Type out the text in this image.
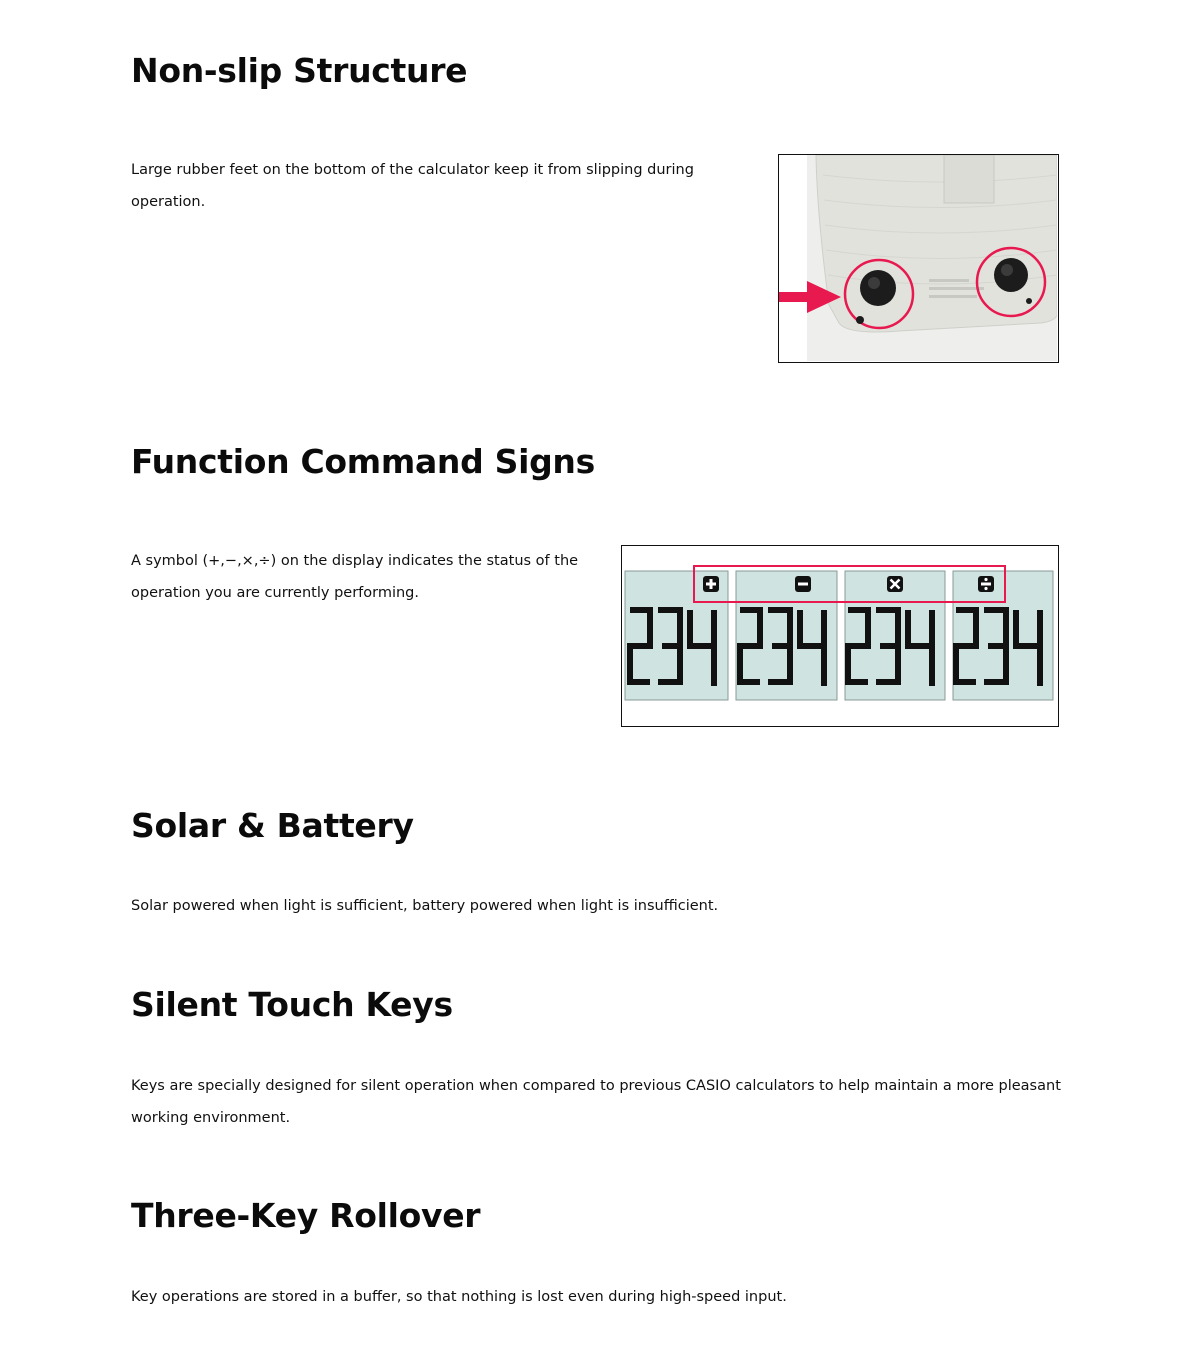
Non-slip Structure

Large rubber feet on the bottom of the calculator keep it from slipping during operation.

Function Command Signs

A symbol (+,−,×,÷) on the display indicates the status of the operation you are currently performing.

Solar & Battery

Solar powered when light is sufficient, battery powered when light is insufficient.

Silent Touch Keys

Keys are specially designed for silent operation when compared to previous CASIO calculators to help maintain a more pleasant working environment.

Three-Key Rollover

Key operations are stored in a buffer, so that nothing is lost even during high-speed input.
